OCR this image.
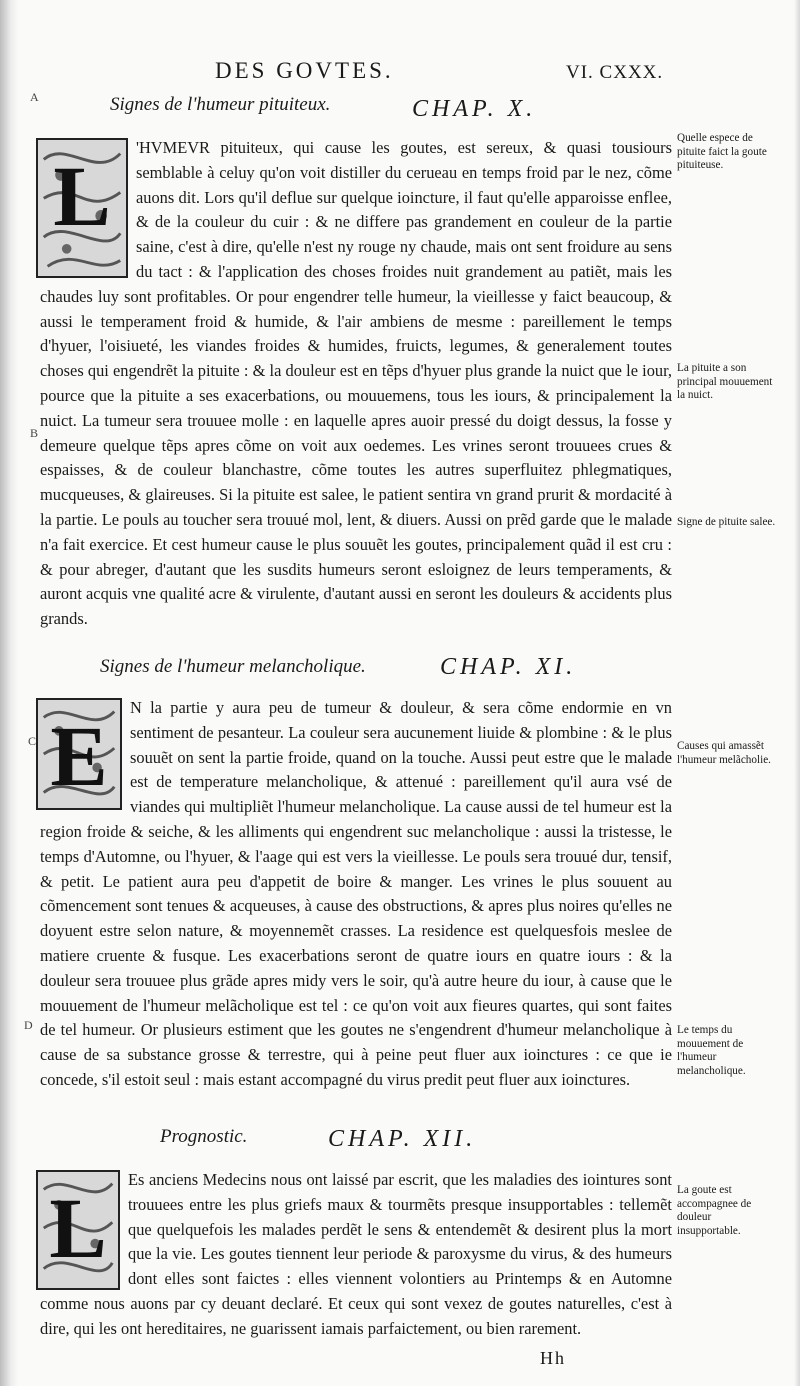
DES GOVTES.	VI. CXXX.
A
B
C
D
Signes de l'humeur pituiteux.	CHAP. X.
L
'HVMEVR pituiteux, qui cause les goutes, est sereux, & quasi tousiours semblable à celuy qu'on voit distiller du cerueau en temps froid par le nez, cõme auons dit. Lors qu'il deflue sur quelque ioincture, il faut qu'elle apparoisse enflee, & de la couleur du cuir : & ne differe pas grandement en couleur de la partie saine, c'est à dire, qu'elle n'est ny rouge ny chaude, mais ont sent froidure au sens du tact : & l'application des choses froides nuit grandement au patiẽt, mais les chaudes luy sont profitables. Or pour engendrer telle humeur, la vieillesse y faict beaucoup, & aussi le temperament froid & humide, & l'air ambiens de mesme : pareillement le temps d'hyuer, l'oisiueté, les viandes froides & humides, fruicts, legumes, & generalement toutes choses qui engendrẽt la pituite : & la douleur est en tẽps d'hyuer plus grande la nuict que le iour, pource que la pituite a ses exacerbations, ou mouuemens, tous les iours, & principalement la nuict. La tumeur sera trouuee molle : en laquelle apres auoir pressé du doigt dessus, la fosse y demeure quelque tẽps apres cõme on voit aux oedemes. Les vrines seront trouuees crues & espaisses, & de couleur blanchastre, cõme toutes les autres superfluitez phlegmatiques, mucqueuses, & glaireuses. Si la pituite est salee, le patient sentira vn grand prurit & mordacité à la partie. Le pouls au toucher sera trouué mol, lent, & diuers. Aussi on prẽd garde que le malade n'a fait exercice. Et cest humeur cause le plus souuẽt les goutes, principalement quãd il est cru : & pour abreger, d'autant que les susdits humeurs seront esloignez de leurs temperaments, & auront acquis vne qualité acre & virulente, d'autant aussi en seront les douleurs & accidents plus grands.
Signes de l'humeur melancholique.	CHAP. XI.
E
N la partie y aura peu de tumeur & douleur, & sera cõme endormie en vn sentiment de pesanteur. La couleur sera aucunement liuide & plombine : & le plus souuẽt on sent la partie froide, quand on la touche. Aussi peut estre que le malade est de temperature melancholique, & attenué : pareillement qu'il aura vsé de viandes qui multipliẽt l'humeur melancholique. La cause aussi de tel humeur est la region froide & seiche, & les alliments qui engendrent suc melancholique : aussi la tristesse, le temps d'Automne, ou l'hyuer, & l'aage qui est vers la vieillesse. Le pouls sera trouué dur, tensif, & petit. Le patient aura peu d'appetit de boire & manger. Les vrines le plus souuent au cõmencement sont tenues & acqueuses, à cause des obstructions, & apres plus noires qu'elles ne doyuent estre selon nature, & moyennemẽt crasses. La residence est quelquesfois meslee de matiere cruente & fusque. Les exacerbations seront de quatre iours en quatre iours : & la douleur sera trouuee plus grãde apres midy vers le soir, qu'à autre heure du iour, à cause que le mouuement de l'humeur melãcholique est tel : ce qu'on voit aux fieures quartes, qui sont faites de tel humeur. Or plusieurs estiment que les goutes ne s'engendrent d'humeur melancholique à cause de sa substance grosse & terrestre, qui à peine peut fluer aux ioinctures : ce que ie concede, s'il estoit seul : mais estant accompagné du virus predit peut fluer aux ioinctures.
Prognostic.	CHAP. XII.
L
Es anciens Medecins nous ont laissé par escrit, que les maladies des iointures sont trouuees entre les plus griefs maux & tourmẽts presque insupportables : tellemẽt que quelquefois les malades perdẽt le sens & entendemẽt & desirent plus la mort que la vie. Les goutes tiennent leur periode & paroxysme du virus, & des humeurs dont elles sont faictes : elles viennent volontiers au Printemps & en Automne comme nous auons par cy deuant declaré. Et ceux qui sont vexez de goutes naturelles, c'est à dire, qui les ont hereditaires, ne guarissent iamais parfaictement, ou bien rarement.
Quelle espece de pituite faict la goute pituiteuse.
La pituite a son principal mouuement la nuict.
Signe de pituite salee.
Causes qui amassẽt l'humeur melãcholie.
Le temps du mouuement de l'humeur melancholique.
La goute est accompagnee de douleur insupportable.
Hh
